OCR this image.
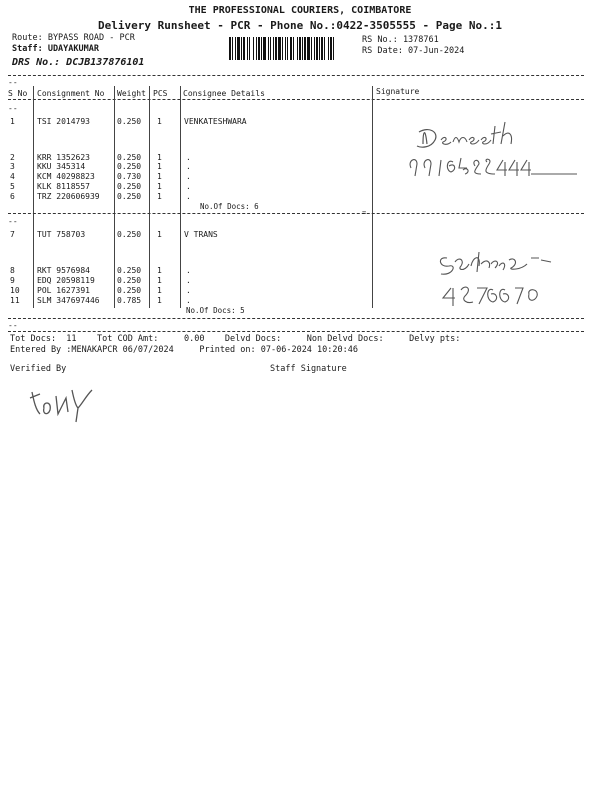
THE PROFESSIONAL COURIERS, COIMBATORE
Delivery Runsheet - PCR - Phone No.:0422-3505555 - Page No.:1
Route: BYPASS ROAD - PCR
Staff: UDAYAKUMAR
DRS No.: DCJB137876101
RS No.: 1378761
RS Date: 07-Jun-2024
--
S No Consignment No Weight PCS Consignee Details	Signature
--
1	TSI 2014793	0.250 1	VENKATESHWARA
2	KRR 1352623	0.250 1	.
3	KKU 345314	0.250 1	.
4	KCM 40298823	0.730 1	.
5	KLK 8118557	0.250 1	.
6	TRZ 220606939 0.250 1	.
No.Of Docs: 6
=
--
7	TUT 758703	0.250 1	V TRANS
8	RKT 9576984	0.250 1	.
9	EDQ 20598119	0.250 1	.
10 POL 1627391	0.250 1	.
11 SLM 347697446 0.785 1	.
No.Of Docs: 5
--
Tot Docs:  11    Tot COD Amt:     0.00    Delvd Docs:     Non Delvd Docs:     Delvy pts:
Entered By :MENAKAPCR 06/07/2024     Printed on: 07-06-2024 10:20:46
Verified By	Staff Signature
